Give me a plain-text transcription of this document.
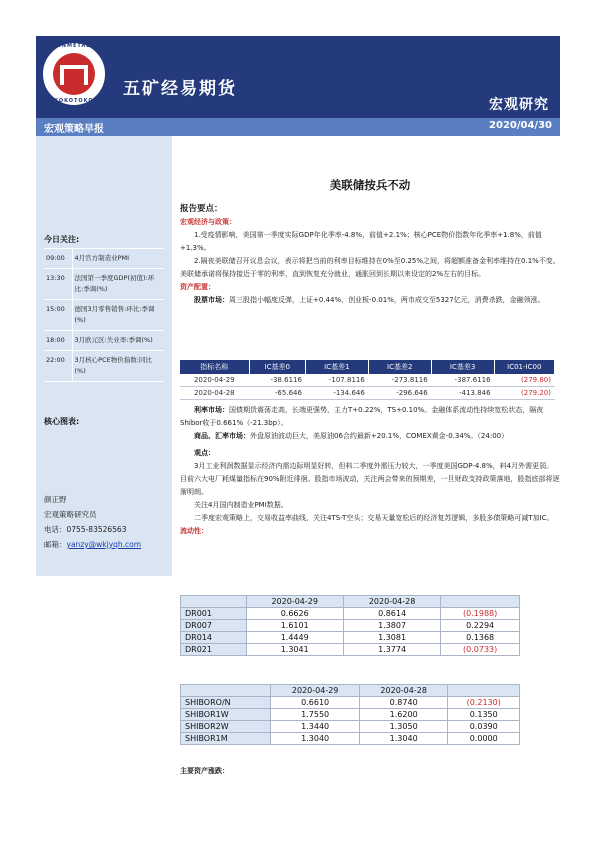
MINMETALS
LKOKOTOKOT
五矿经易期货
宏观研究
宏观策略早报	2020/04/30
今日关注:
09:00	4月官方制造业PMI
13:30	法国第一季度GDP(初值):环比:季调(%)
15:00	德国3月零售销售:环比:季调(%)
18:00	3月欧元区:失业率:季调(%)
22:00	3月核心PCE物价指数:同比(%)
核心图表:
颜正野
宏观策略研究员
电话：0755-83526563
邮箱：yanzy@wkjyqh.com
美联储按兵不动
报告要点：
宏观经济与政策：
1.受疫情影响，美国第一季度实际GDP年化季率-4.8%，前值+2.1%；核心PCE物价指数年化季率+1.8%，前值+1.3%。
2.隔夜美联储召开议息会议，表示将把当前的利率目标维持在0%至0.25%之间，将超额准备金利率维持在0.1%不变。美联储承诺将保持接近于零的利率，直到恢复充分就业，通胀回到长期以来设定的2%左右的目标。
资产配置：
股票市场：周三股指小幅度反弹，上证+0.44%，创业板-0.01%，两市成交至5327亿元，消费杀跌，金融领涨。
指标名称	IC基差0	IC基差1	IC基差2	IC基差3	IC01-IC00
2020-04-29	-38.6116	-107.8116	-273.8116	-387.6116	(279.80)
2020-04-28	-65.646	-134.646	-296.646	-413.846	(279.20)
利率市场：国债期货震荡走高，长端更强势，主力T+0.22%，TS+0.10%。金融体系流动性持续宽松状态，隔夜Shibor收于0.661%（-21.3bp）。
商品、汇率市场：外盘原油波动巨大，美原油06合约最新+20.1%，COMEX黄金-0.34%。（24:00）
观点：
3月工业利润数据显示经济内需边际明显好转，但料二季度外需压力较大，一季度美国GDP-4.8%，料4月外需更弱。目前六大电厂耗煤量指标在90%附近徘徊。股指市场波动，关注两会带来的预期差，一旦财政支持政策落地，股指底部将逐渐明朗。
关注4月国内制造业PMI数据。
二季度宏观策略上，交易收益率曲线，关注4TS-T空头；交易天量宽松后的经济复苏逻辑，多股多债策略可减T加IC。
流动性：
	2020-04-29	2020-04-28	
DR001	0.6626	0.8614	(0.1988)
DR007	1.6101	1.3807	0.2294
DR014	1.4449	1.3081	0.1368
DR021	1.3041	1.3774	(0.0733)
	2020-04-29	2020-04-28	
SHIBORO/N	0.6610	0.8740	(0.2130)
SHIBOR1W	1.7550	1.6200	0.1350
SHIBOR2W	1.3440	1.3050	0.0390
SHIBOR1M	1.3040	1.3040	0.0000
主要资产涨跌：
